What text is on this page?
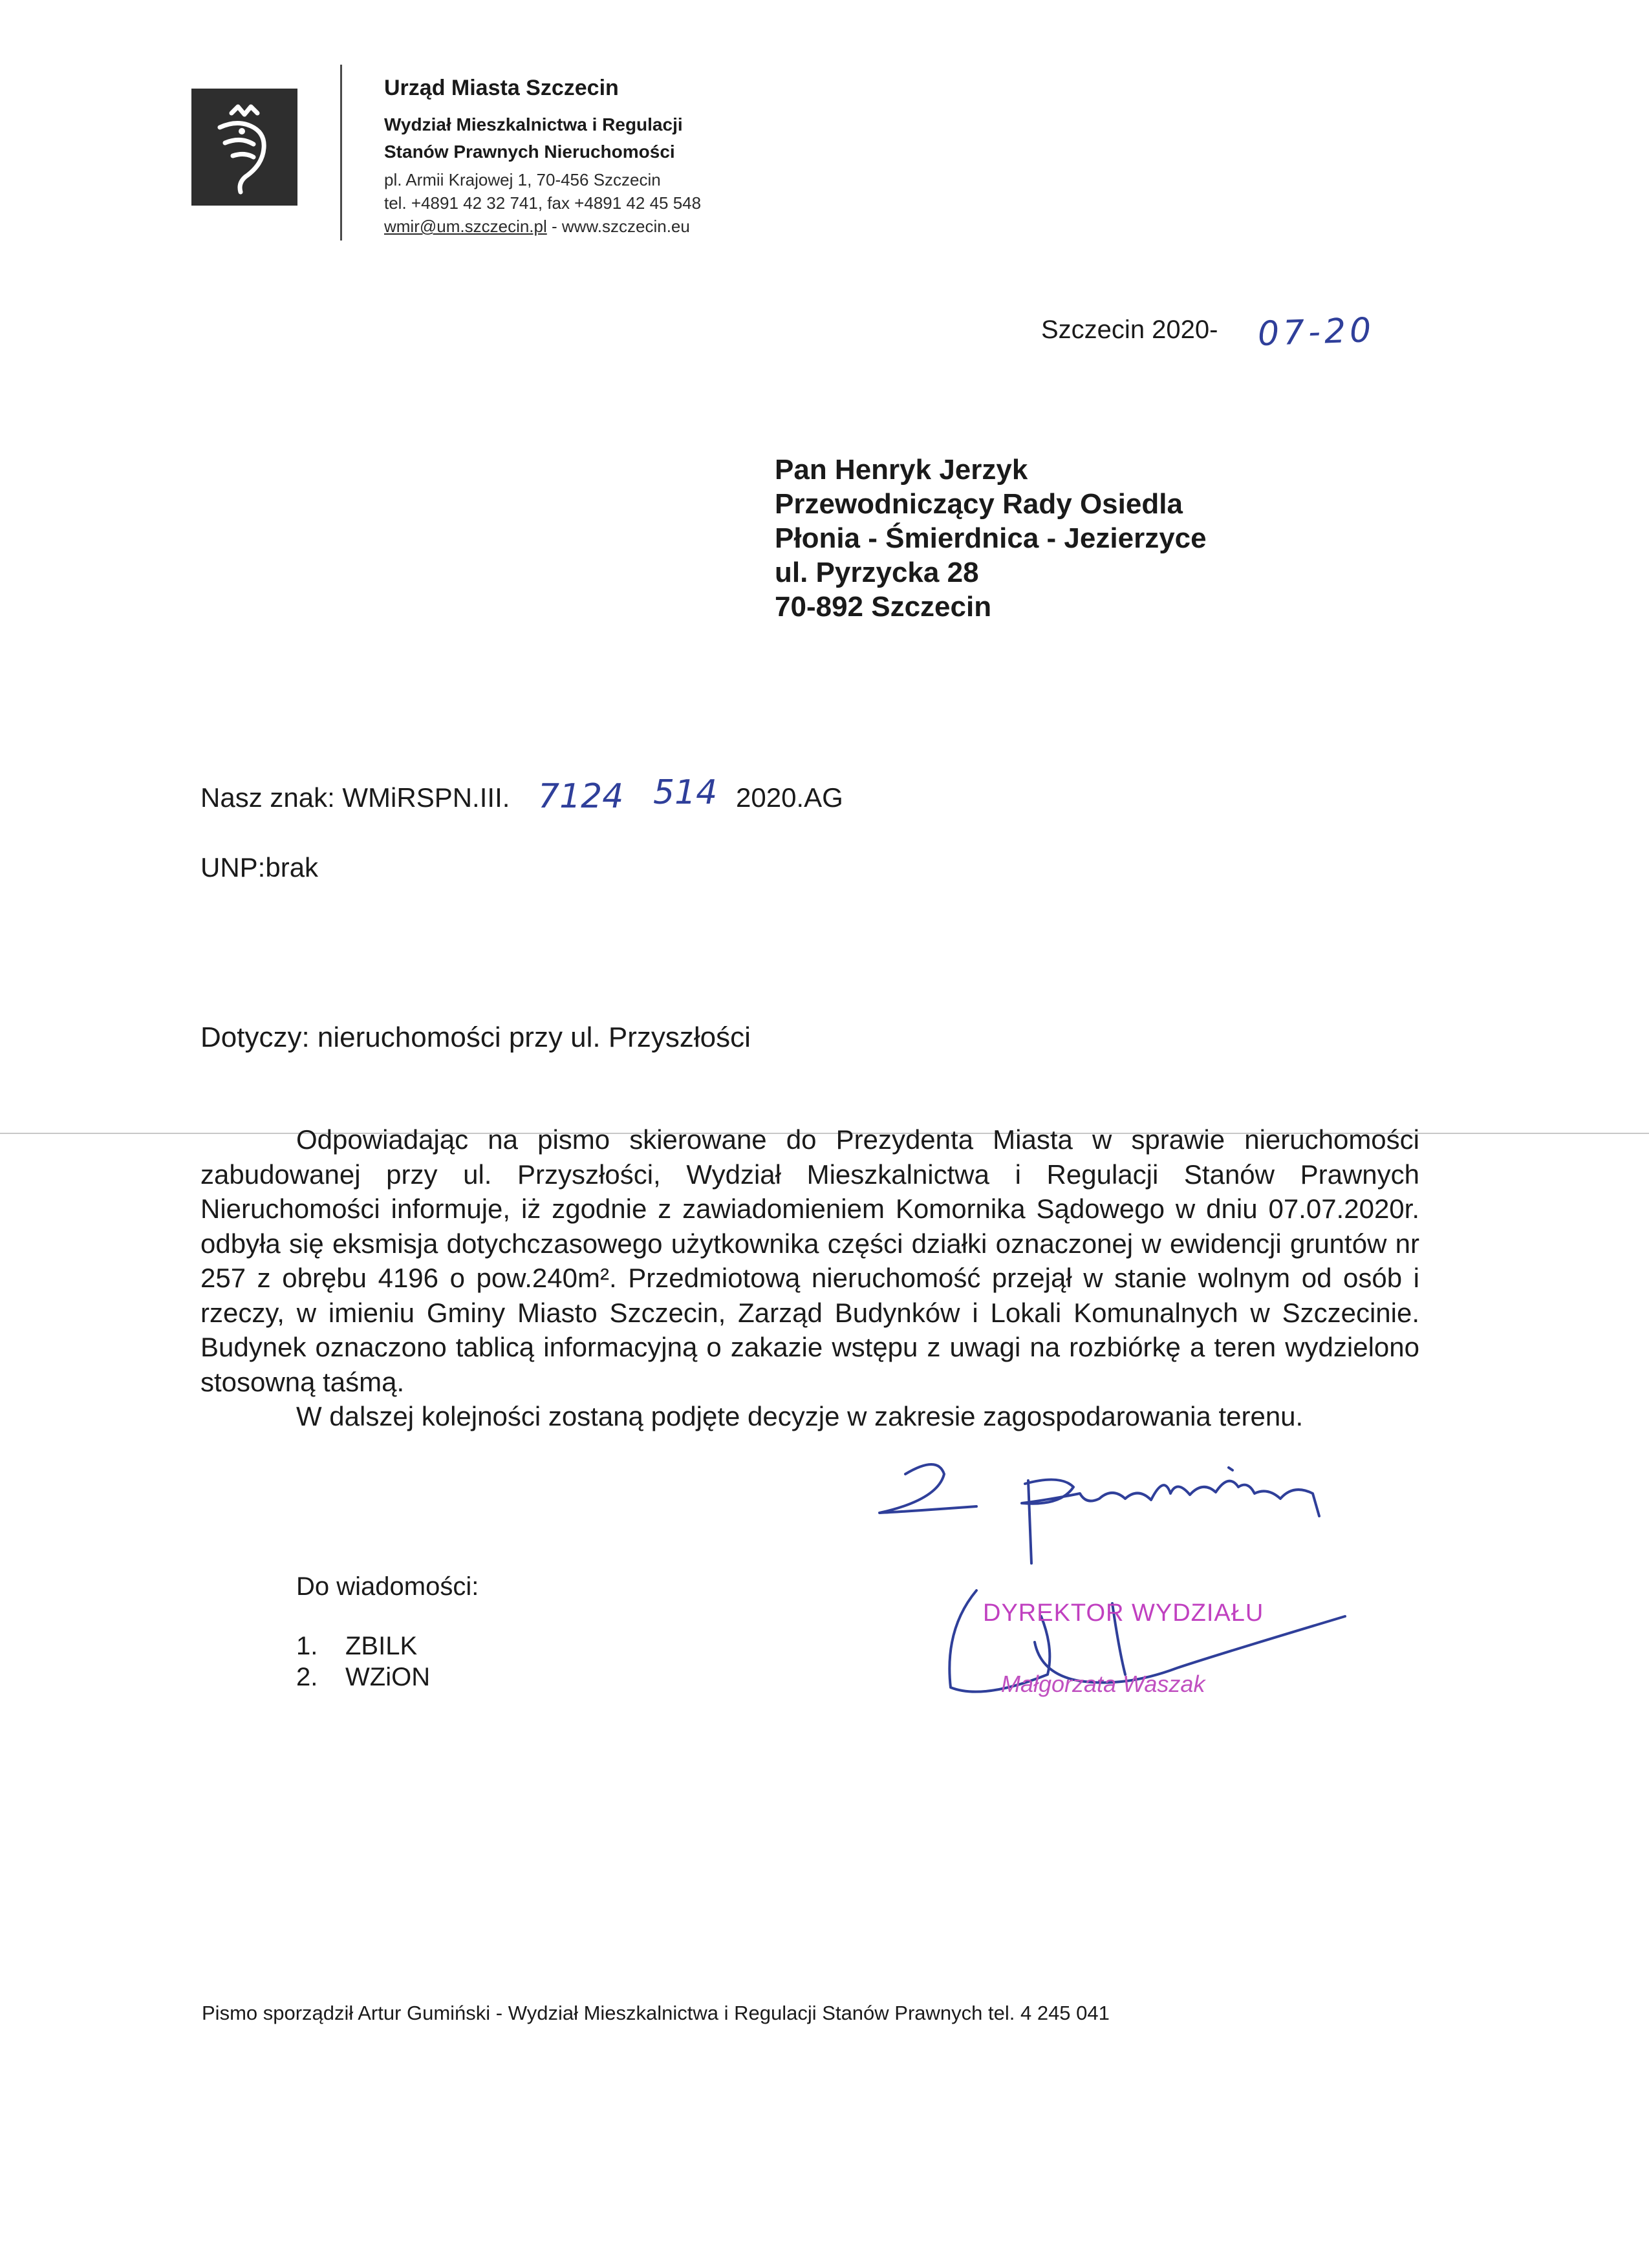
Urząd Miasta Szczecin
Wydział Mieszkalnictwa i Regulacji
Stanów Prawnych Nieruchomości
pl. Armii Krajowej 1, 70-456 Szczecin
tel. +4891 42 32 741, fax +4891 42 45 548
wmir@um.szczecin.pl - www.szczecin.eu
Szczecin 2020- 07-20
Pan Henryk Jerzyk
Przewodniczący Rady Osiedla
Płonia - Śmierdnica - Jezierzyce
ul. Pyrzycka 28
70-892 Szczecin
Nasz znak: WMiRSPN.III. 7124 514 2020.AG
UNP:brak
Dotyczy: nieruchomości przy ul. Przyszłości

Odpowiadając na pismo skierowane do Prezydenta Miasta w sprawie nieruchomości zabudowanej przy ul. Przyszłości, Wydział Mieszkalnictwa i Regulacji Stanów Prawnych Nieruchomości informuje, iż zgodnie z zawiadomieniem Komornika Sądowego w dniu 07.07.2020r. odbyła się eksmisja dotychczasowego użytkownika części działki oznaczonej w ewidencji gruntów nr 257 z obrębu 4196 o pow.240m². Przedmiotową nieruchomość przejął w stanie wolnym od osób i rzeczy, w imieniu Gminy Miasto Szczecin, Zarząd Budynków i Lokali Komunalnych w Szczecinie. Budynek oznaczono tablicą informacyjną o zakazie wstępu z uwagi na rozbiórkę a teren wydzielono stosowną taśmą.

W dalszej kolejności zostaną podjęte decyzje w zakresie zagospodarowania terenu.

DYREKTOR WYDZIAŁU
Małgorzata Waszak
Do wiadomości:
1. ZBILK
2. WZiON
Pismo sporządził Artur Gumiński - Wydział Mieszkalnictwa i Regulacji Stanów Prawnych tel. 4 245 041
